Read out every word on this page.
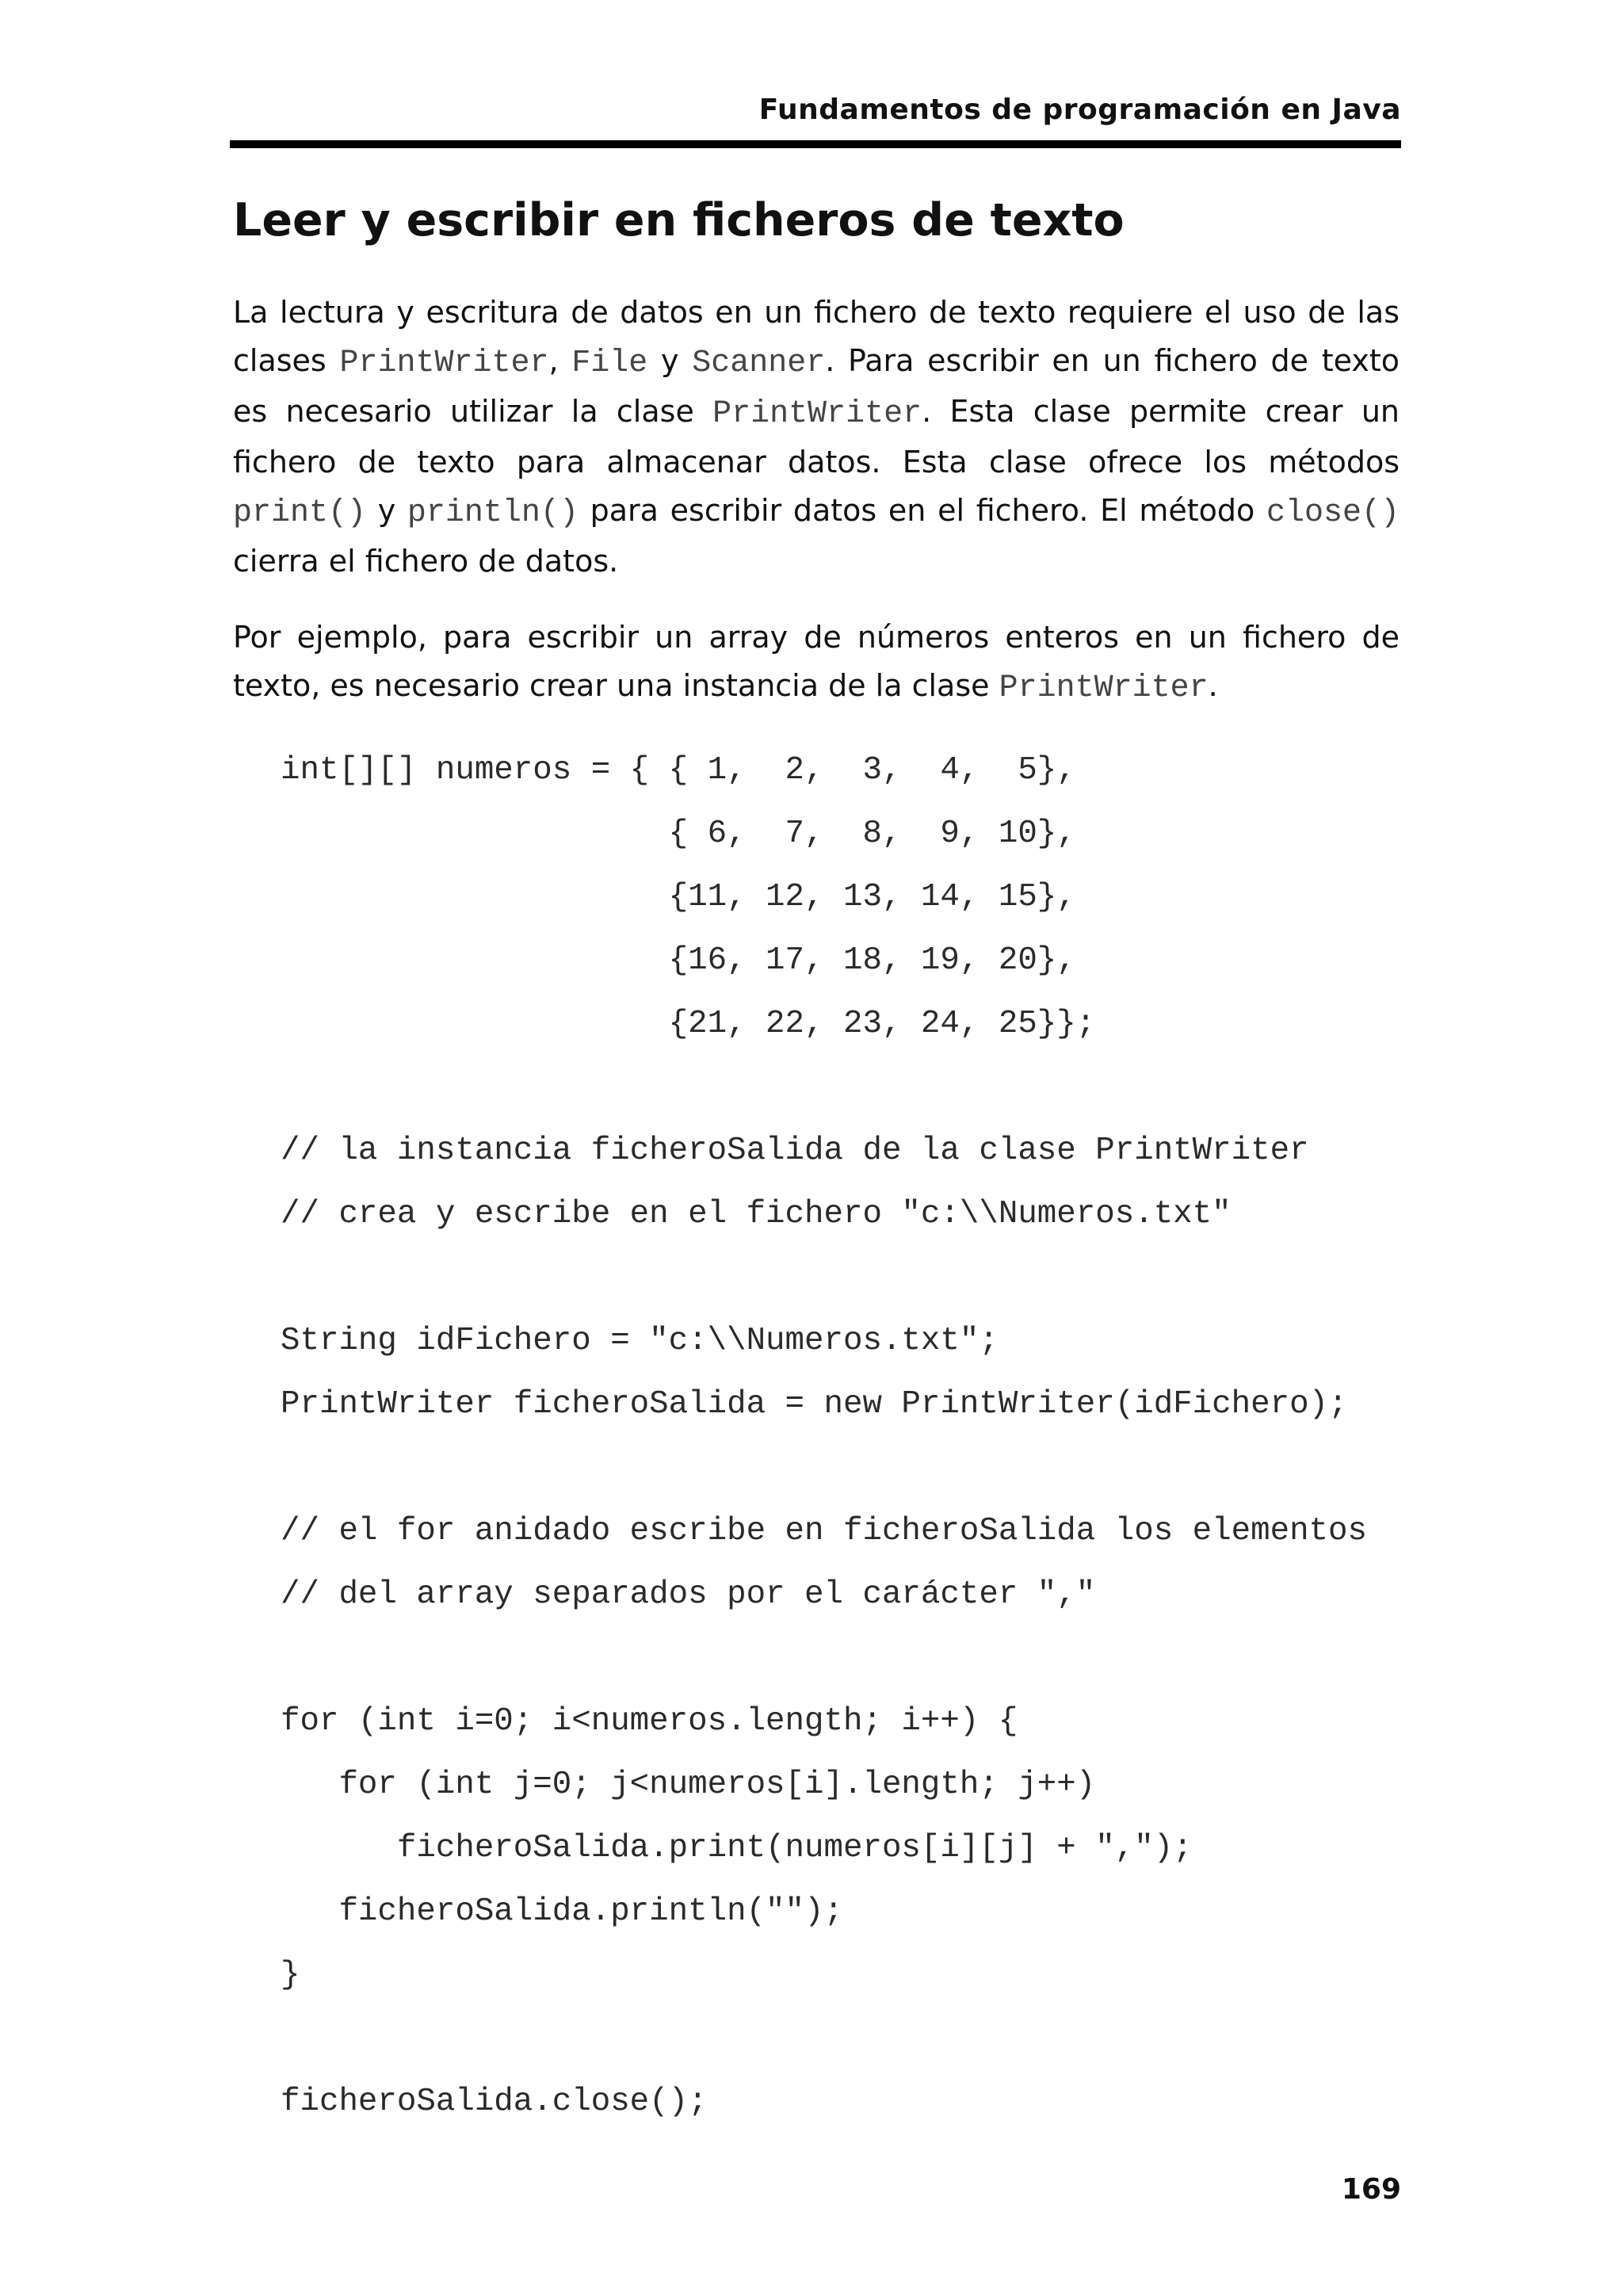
Fundamentos de programación en Java
Leer y escribir en ficheros de texto

La lectura y escritura de datos en un fichero de texto requiere el uso de las clases PrintWriter, File y Scanner. Para escribir en un fichero de texto es necesario utilizar la clase PrintWriter. Esta clase permite crear un fichero de texto para almacenar datos. Esta clase ofrece los métodos print() y println() para escribir datos en el fichero. El método close() cierra el fichero de datos.

Por ejemplo, para escribir un array de números enteros en un fichero de texto, es necesario crear una instancia de la clase PrintWriter.

int[][] numeros = { { 1,  2,  3,  4,  5},
{ 6,  7,  8,  9, 10},
{11, 12, 13, 14, 15},
{16, 17, 18, 19, 20},
{21, 22, 23, 24, 25}};
// la instancia ficheroSalida de la clase PrintWriter
// crea y escribe en el fichero "c:\\Numeros.txt"
String idFichero = "c:\\Numeros.txt";
PrintWriter ficheroSalida = new PrintWriter(idFichero);
// el for anidado escribe en ficheroSalida los elementos
// del array separados por el carácter ","
for (int i=0; i<numeros.length; i++) {
for (int j=0; j<numeros[i].length; j++)
ficheroSalida.print(numeros[i][j] + ",");
ficheroSalida.println("");
}
ficheroSalida.close();
169
